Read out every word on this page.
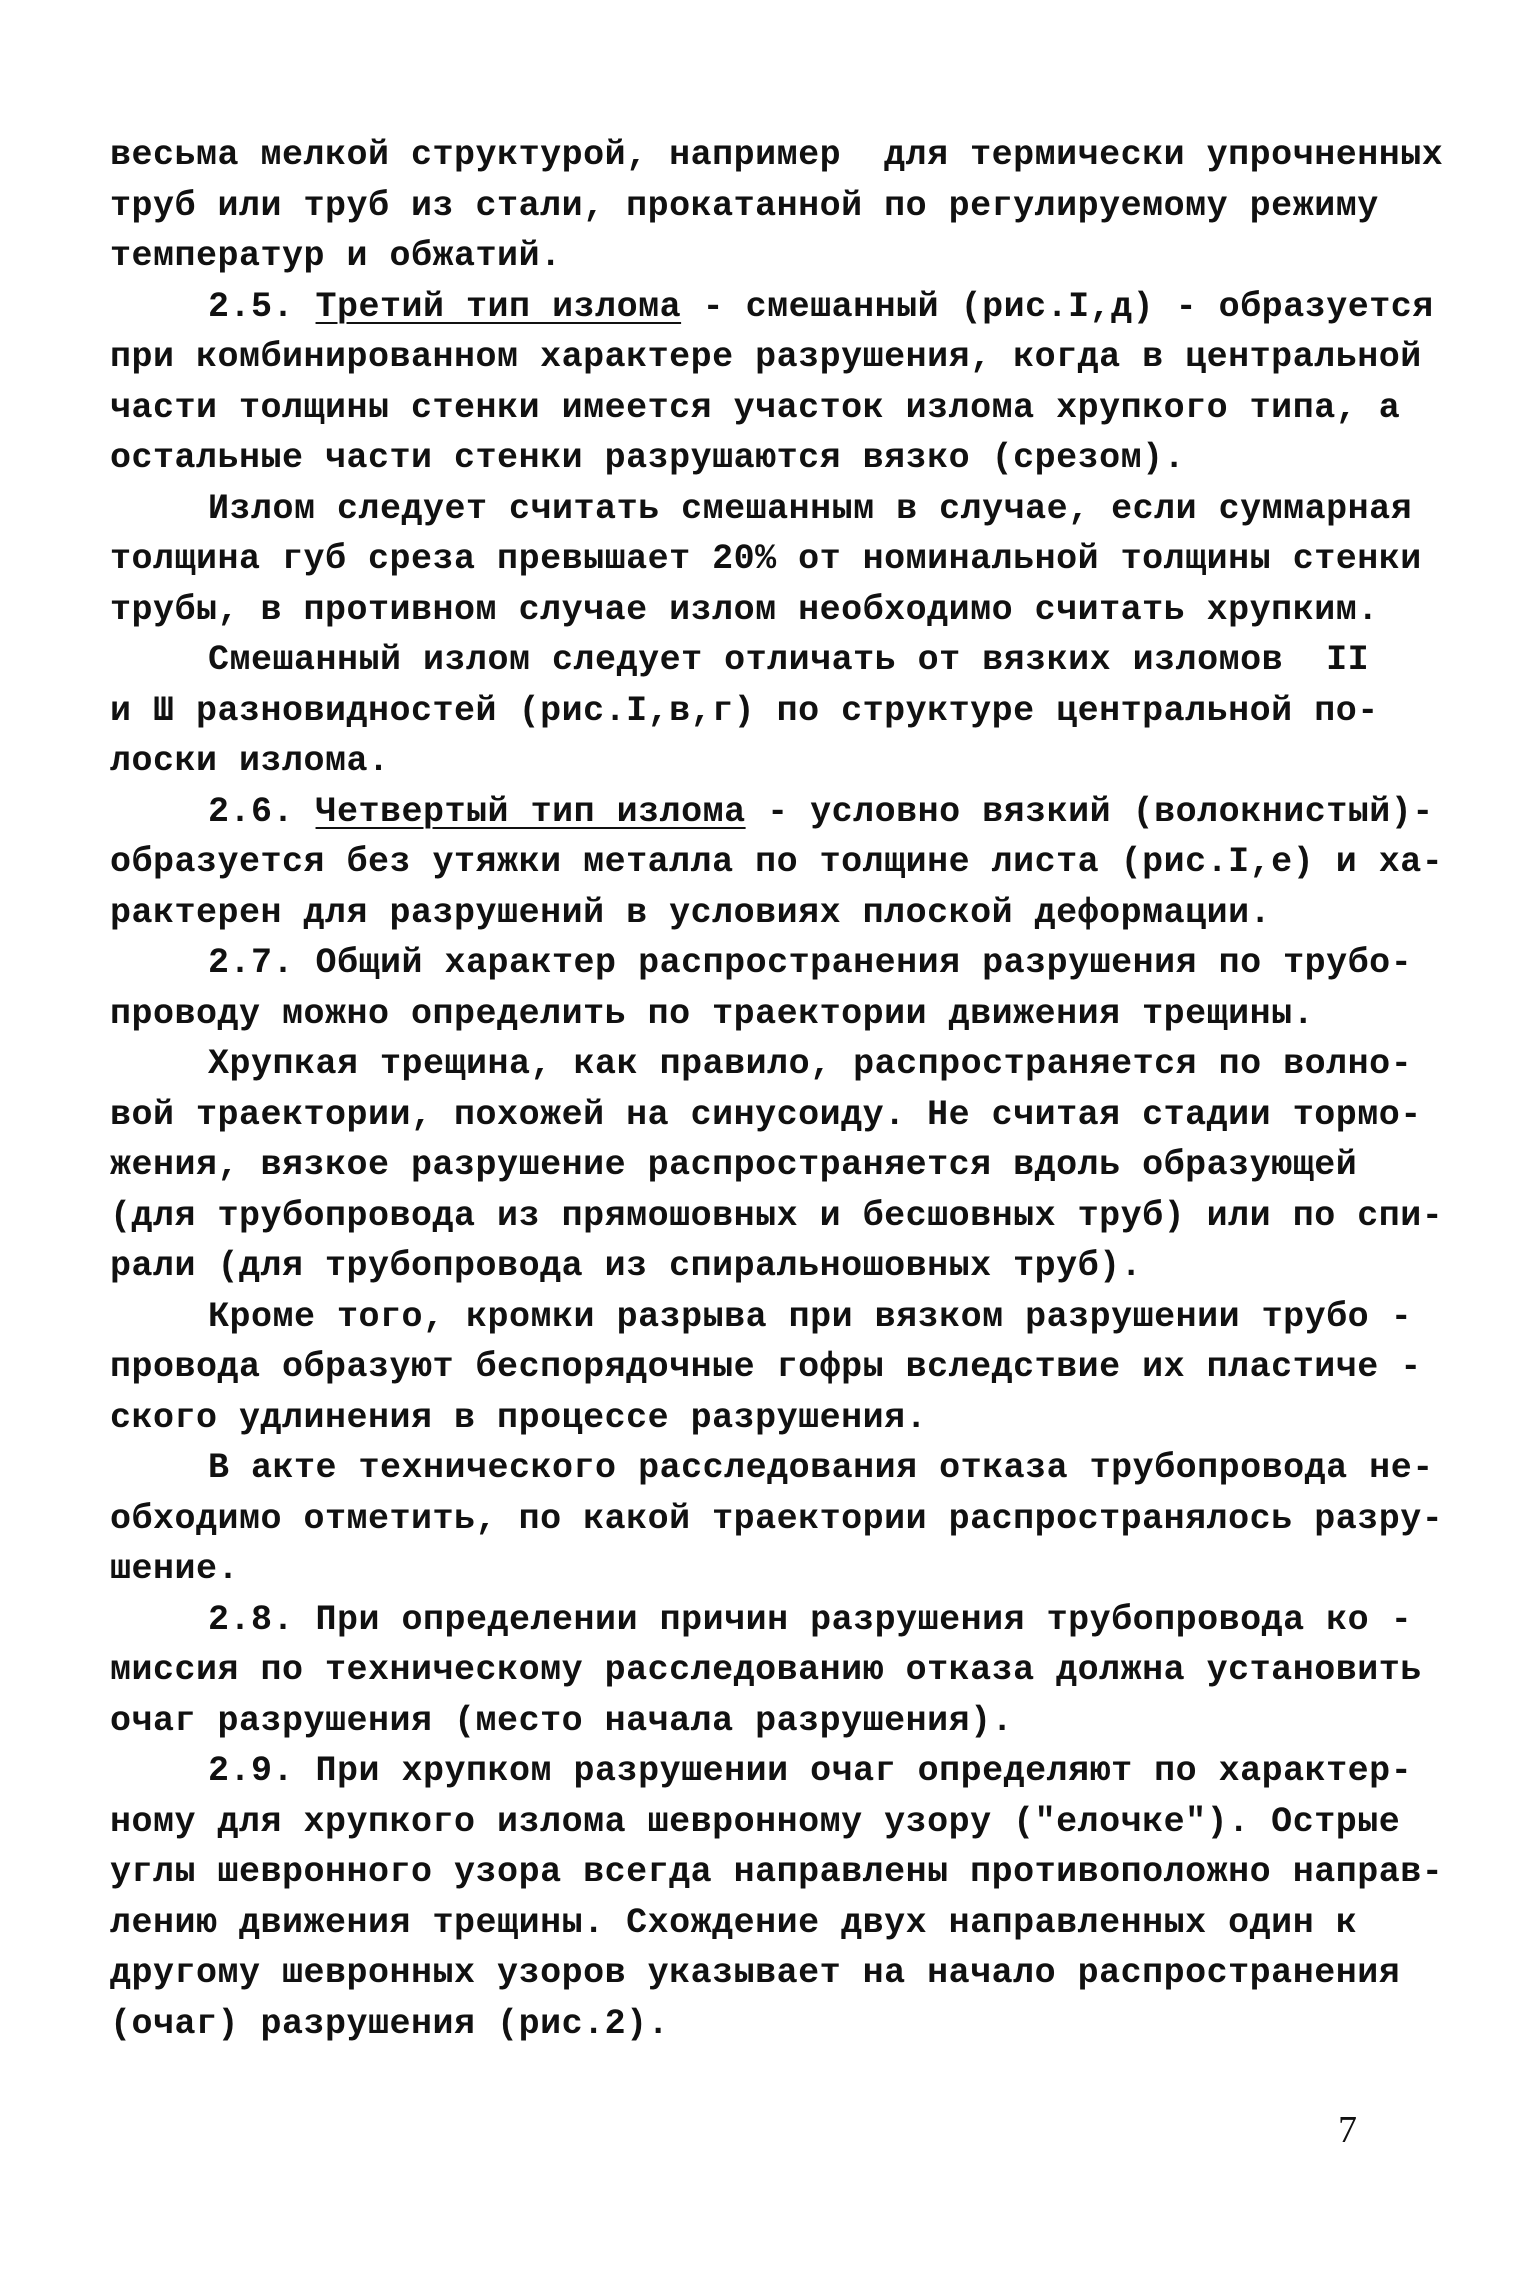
весьма мелкой структурой, например  для термически упрочненных
труб или труб из стали, прокатанной по регулируемому режиму
температур и обжатий.
2.5. Третий тип излома - смешанный (рис.I,д) - образуется
при комбинированном характере разрушения, когда в центральной
части толщины стенки имеется участок излома хрупкого типа, а
остальные части стенки разрушаются вязко (срезом).
Излом следует считать смешанным в случае, если суммарная
толщина губ среза превышает 20% от номинальной толщины стенки
трубы, в противном случае излом необходимо считать хрупким.
Смешанный излом следует отличать от вязких изломов  II
и Ш разновидностей (рис.I,в,г) по структуре центральной по-
лоски излома.
2.6. Четвертый тип излома - условно вязкий (волокнистый)-
образуется без утяжки металла по толщине листа (рис.I,е) и ха-
рактерен для разрушений в условиях плоской деформации.
2.7. Общий характер распространения разрушения по трубо-
проводу можно определить по траектории движения трещины.
Хрупкая трещина, как правило, распространяется по волно-
вой траектории, похожей на синусоиду. Не считая стадии тормо-
жения, вязкое разрушение распространяется вдоль образующей
(для трубопровода из прямошовных и бесшовных труб) или по спи-
рали (для трубопровода из спиральношовных труб).
Кроме того, кромки разрыва при вязком разрушении трубо -
провода образуют беспорядочные гофры вследствие их пластиче -
ского удлинения в процессе разрушения.
В акте технического расследования отказа трубопровода не-
обходимо отметить, по какой траектории распространялось разру-
шение.
2.8. При определении причин разрушения трубопровода ко -
миссия по техническому расследованию отказа должна установить
очаг разрушения (место начала разрушения).
2.9. При хрупком разрушении очаг определяют по характер-
ному для хрупкого излома шевронному узору ("елочке"). Острые
углы шевронного узора всегда направлены противоположно направ-
лению движения трещины. Схождение двух направленных один к
другому шевронных узоров указывает на начало распространения
(очаг) разрушения (рис.2).
7
